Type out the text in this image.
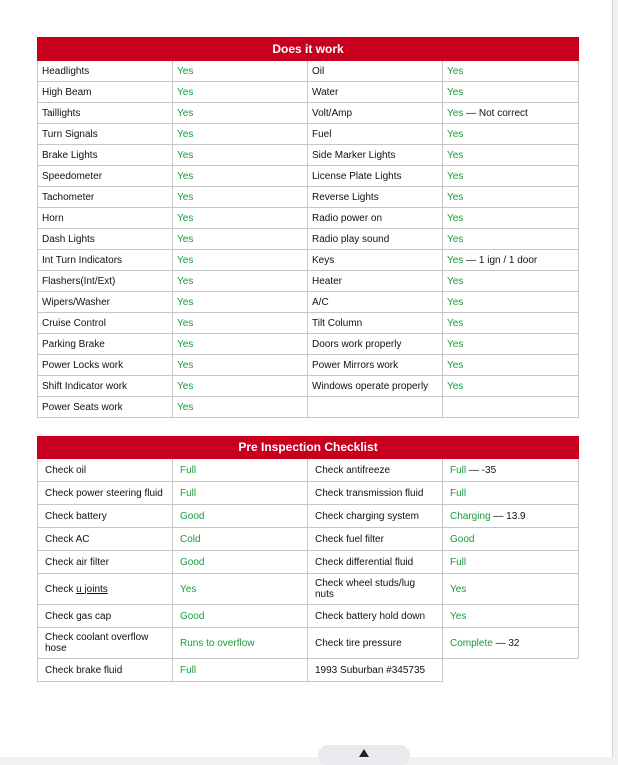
Does it work			
Headlights	Yes	Oil	Yes
High Beam	Yes	Water	Yes
Taillights	Yes	Volt/Amp	Yes — Not correct
Turn Signals	Yes	Fuel	Yes
Brake Lights	Yes	Side Marker Lights	Yes
Speedometer	Yes	License Plate Lights	Yes
Tachometer	Yes	Reverse Lights	Yes
Horn	Yes	Radio power on	Yes
Dash Lights	Yes	Radio play sound	Yes
Int Turn Indicators	Yes	Keys	Yes — 1 ign / 1 door
Flashers(Int/Ext)	Yes	Heater	Yes
Wipers/Washer	Yes	A/C	Yes
Cruise Control	Yes	Tilt Column	Yes
Parking Brake	Yes	Doors work properly	Yes
Power Locks work	Yes	Power Mirrors work	Yes
Shift Indicator work	Yes	Windows operate properly	Yes
Power Seats work	Yes		
Pre Inspection Checklist			
Check oil	Full	Check antifreeze	Full — -35
Check power steering fluid	Full	Check transmission fluid	Full
Check battery	Good	Check charging system	Charging — 13.9
Check AC	Cold	Check fuel filter	Good
Check air filter	Good	Check differential fluid	Full
Check u joints	Yes	Check wheel studs/lug nuts	Yes
Check gas cap	Good	Check battery hold down	Yes
Check coolant overflow hose	Runs to overflow	Check tire pressure	Complete — 32
Check brake fluid	Full	1993 Suburban #345735	
